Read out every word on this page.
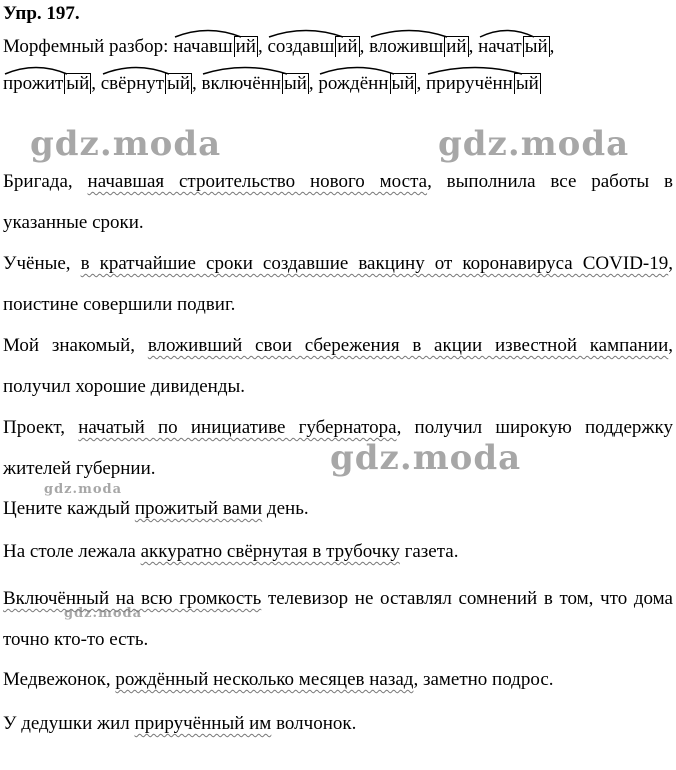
Упр. 197.
Морфемный разбор: начавш ий ,
создавш ий ,
вложивш ий ,
начат ый ,
прожит ый ,
свёрнут ый ,
включённ ый ,
рождённ ый ,
приручённ ый
gdz.moda	gdz.moda
gdz.moda
gdz.moda
gdz.moda
Бригада, начавшая строительство нового моста, выполнила все работы в указанные сроки.
Учёные, в кратчайшие сроки создавшие вакцину от коронавируса COVID-19, поистине совершили подвиг.
Мой знакомый, вложивший свои сбережения в акции известной кампании, получил хорошие дивиденды.
Проект, начатый по инициативе губернатора, получил широкую поддержку жителей губернии.
Цените каждый прожитый вами день.
На столе лежала аккуратно свёрнутая в трубочку газета.
Включённый на всю громкость телевизор не оставлял сомнений в том, что дома точно кто-то есть.
Медвежонок, рождённый несколько месяцев назад, заметно подрос.
У дедушки жил приручённый им волчонок.
